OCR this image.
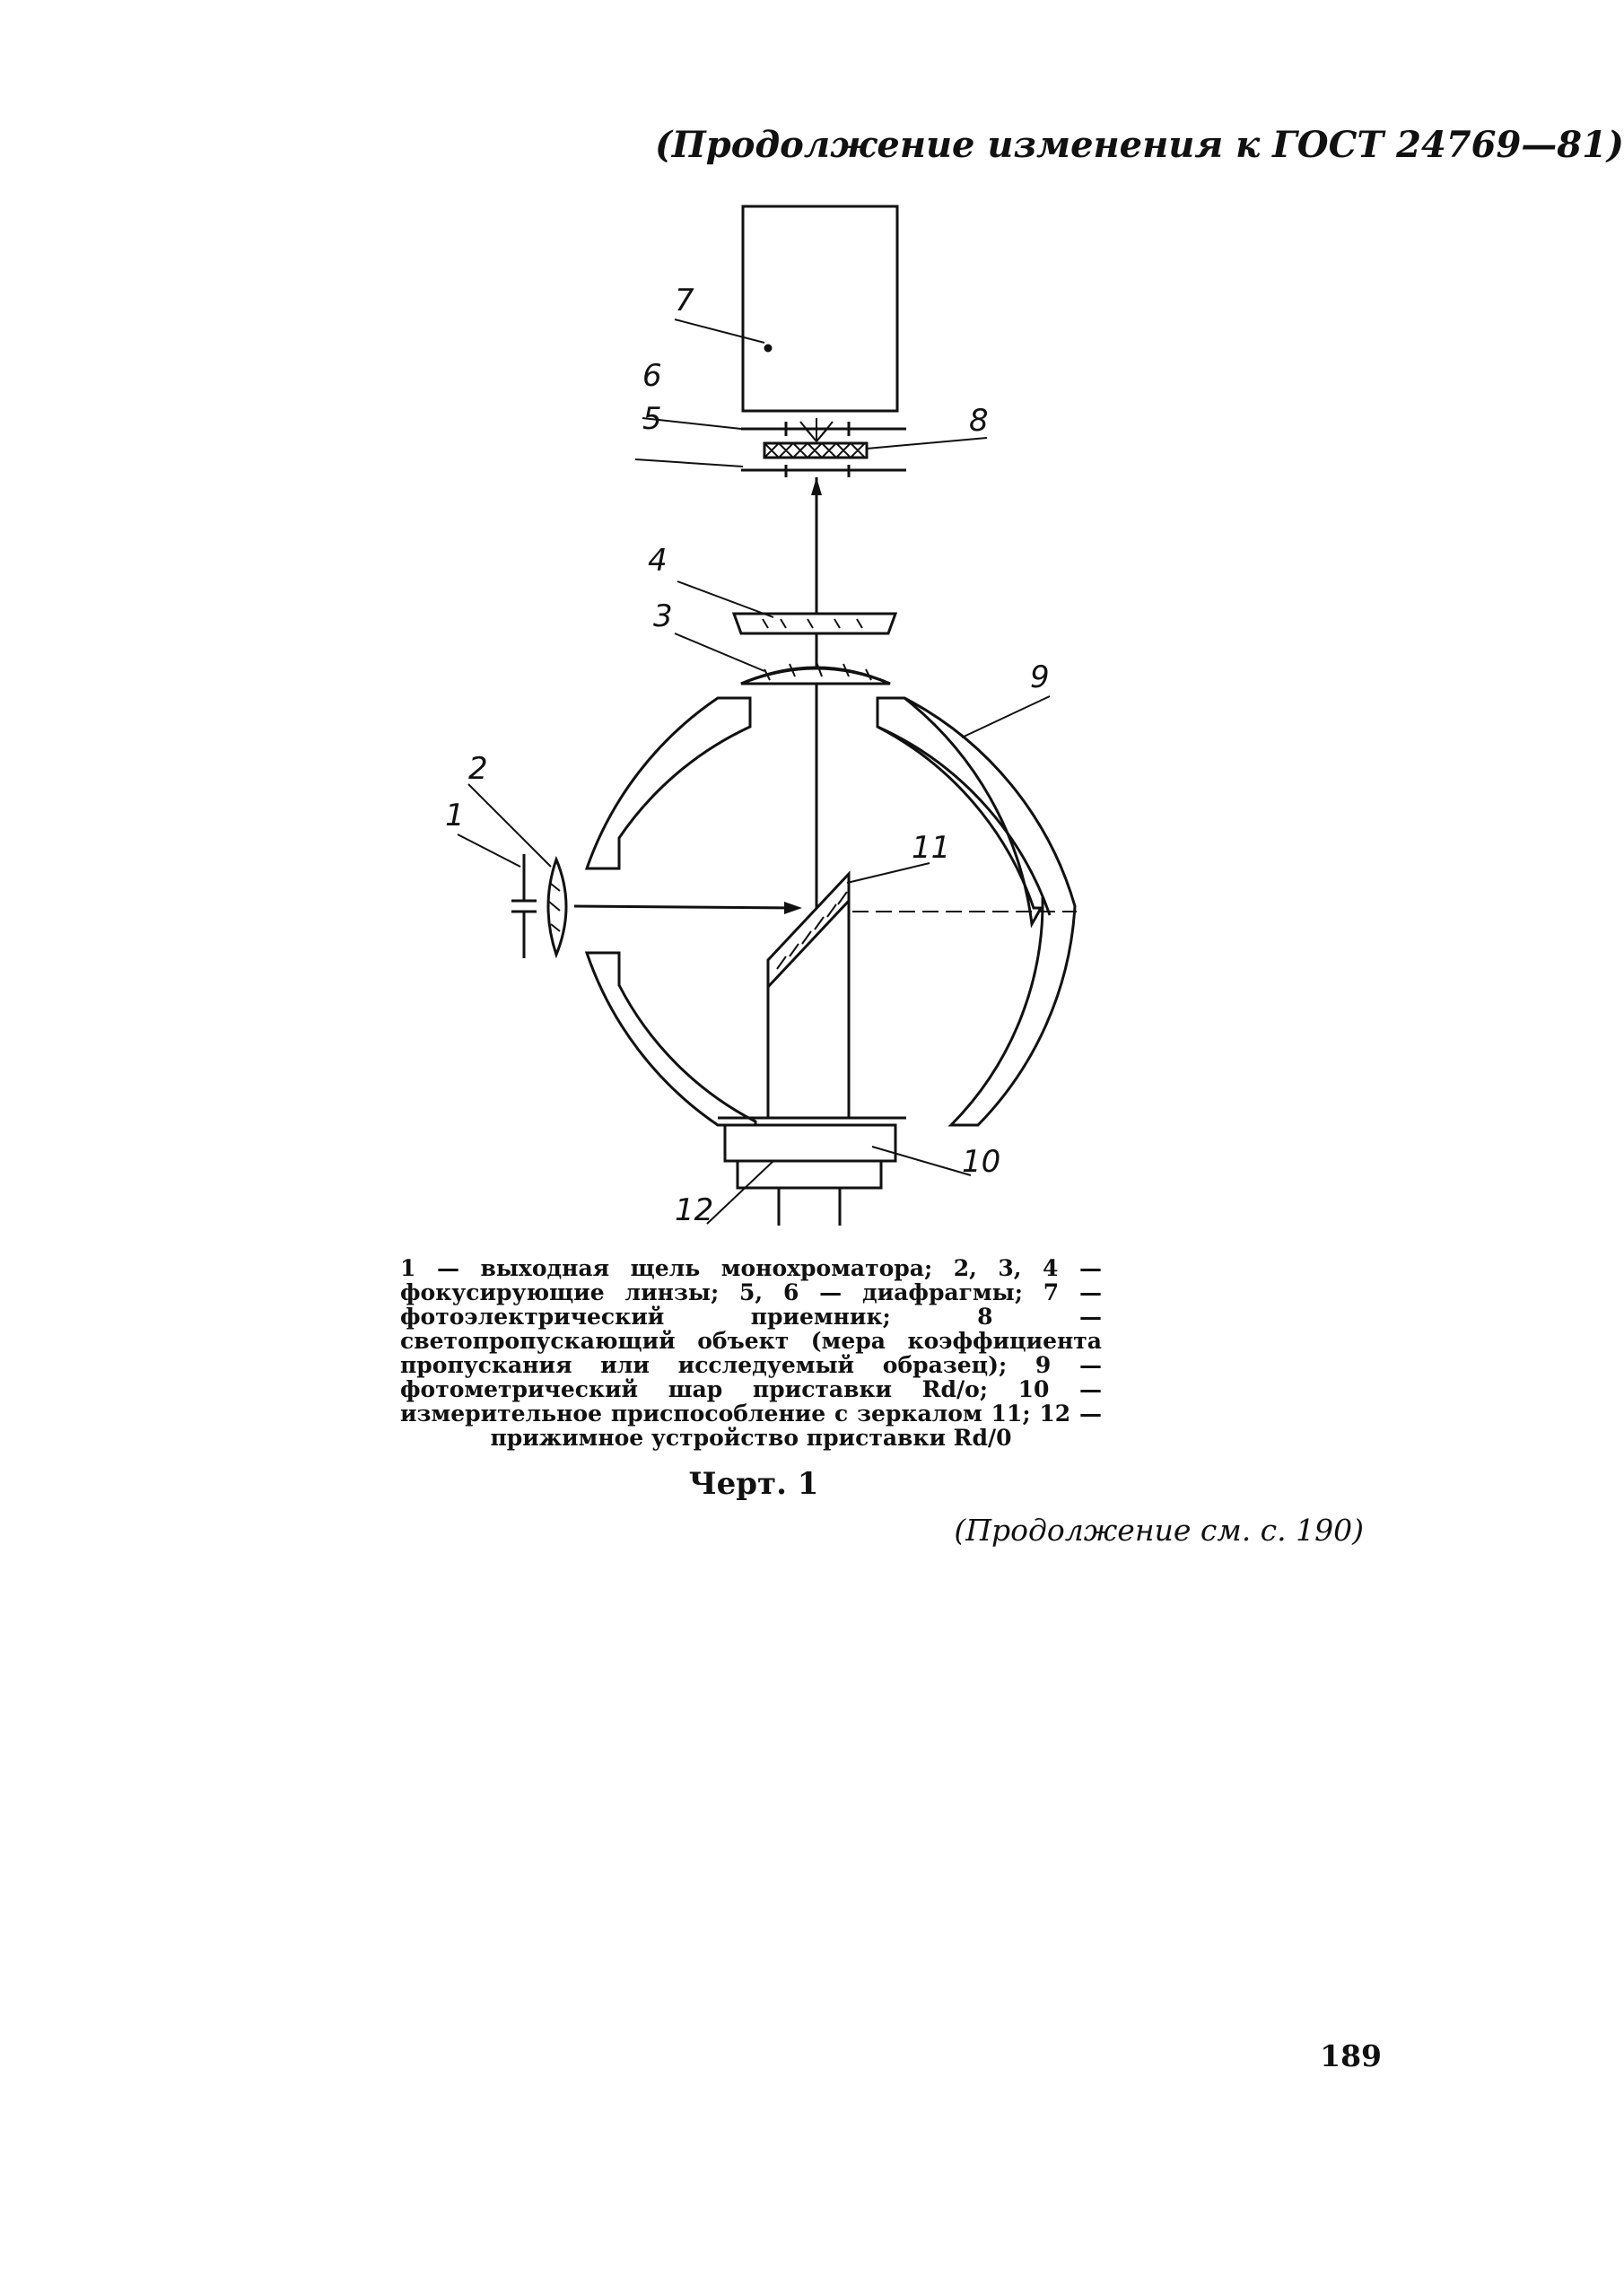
(Продолжение изменения к ГОСТ 24769—81)
7
6
5	8
4
3
9
2
1
11
10
12
1 — выходная щель монохроматора; 2, 3, 4 — фокусирующие линзы; 5, 6 — диафрагмы; 7 — фотоэлектрический приемник; 8 — светопропускающий объект (мера коэффициента пропускания или исследуемый образец); 9 — фотометрический шар приставки Rd/o; 10 — измерительное приспособление с зеркалом 11; 12 — прижимное устройство приставки Rd/0
Черт. 1
(Продолжение см. с. 190)
189
